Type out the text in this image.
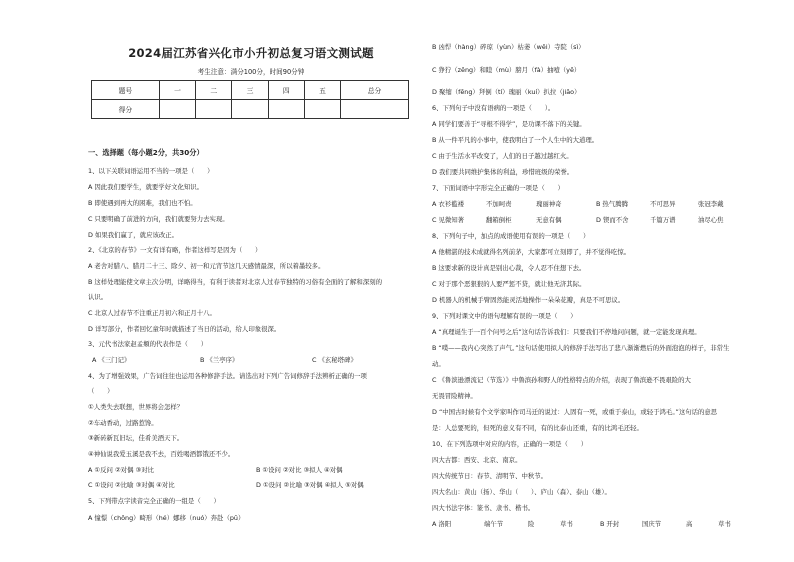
2024届江苏省兴化市小升初总复习语文测试题
考生注意：满分100分，时间90分钟
题号	一	二	三	四	五	总分
得分						
一、选择题（每小题2分，共30分）
1、以下关联词语运用不当的一项是（　　）
A 因此我们要学生，就要学好文化知识。
B 即使遇到再大的困难，我们也不怕。
C 只要明确了前进的方向，我们就要努力去实现。
D 如果我们赢了，就应该改正。
2、《北京的春节》一文有详有略，作者这样写是因为（　　）
A 老舍对腊八、腊月二十三、除夕、初一和元宵节这几天感情最深，所以着墨较多。
B 这样处理能使文章主次分明，详略得当，有利于读者对北京人过春节独特的习俗有全面的了解和深刻的
认识。
C 北京人过春节不注重正月初六和正月十八。
D 详写部分，作者回忆童年时就描述了当日的活动，给人印象很深。
3、元代书法家赵孟頫的代表作是（　　）
A 《三门记》	B 《兰亭序》	C 《玄秘塔碑》
4、为了增强效果，广告词往往也运用各种修辞手法。请选出对下列广告词修辞手法辨析正确的一项
（　　）
①人类失去联想，世界将会怎样？
②车动香动，过路惹馋。
③新砖新瓦旧坛，佳肴美酒天下。
④神仙说我爱玉溪是我不去，百姓喝酒都饿还不少。
A ①反问 ②对偶 ③对比	B ①设问 ②对比 ③拟人 ④对偶
C ①设问 ②比喻 ③对偶 ④对比	D ①设问 ②比喻 ③对偶 ④拟人 ⑤对偶
5、下列带点字读音完全正确的一组是（　　）
A 憧憬（chōng）畸形（hé）娜移（nuó）奔赴（pū）
B 凶悍（hàng）碎琼（yùn）枯萎（wěi）寺院（sì）
C 狰狞（zēng）和睦（mù）膀月（fà）抽噎（yē）
D 聚缩（fēng）拜倒（tí）瑰丽（kuí）扒拉（jiāo）
6、下列句子中没有语病的一项是（　　）。
A 同学们要善于“寻根不得学”，是功课不落下的关键。
B 从一件平凡的小事中，使我明白了一个人生中的大道理。
C 由于生活水平改变了，人们的日子越过越红火。
D 我们要共同维护集体的利益，珍惜班级的荣誉。
7、下面词语中字形完全正确的一项是（　　）
A 衣衫褴褛	不加呵责	瑰丽神奇	B 热气腾腾	不可思异	张冠李戴
C 见微知著	翻箱倒柜	无意有偶	D 锲而不舍	千篇万谱	油尽心焦
8、下列句子中，加点的成语使用有误的一项是（　　）
A 他精湛的技术成就得名列前茅，大家都可立刻即了，并不觉得吃惊。
B 这要求新的设计真是别出心裁，令人忍不住想下去。
C 对于那个恶狠狠的人要严惩不贷，就让他无济其际。
D 机器人的机械手臂固然能灵活地操作一朵朵花瓣，真是不可思议。
9、下列对课文中的语句理解有误的一项是（　　）
A “真理诞生于一百个问号之后”这句话告诉我们：只要我们不停地问问题，就一定能发现真理。
B “噗——我内心突然了声气。”这句话使用拟人的修辞手法写出了悲八渐渐燃后的外面泡泡的样子，非常生
动。
C 《鲁滨逊漂流记（节选）》中鲁滨孙和野人的性格特点的介绍，表现了鲁滨逊不畏艰险的大
无畏冒险精神。
D “中国古时候有个文学家叫作司马迁的说过：人固有一死，或重于泰山，或轻于鸿毛。”这句话的意思
是：人总要死的，但死的意义有不同，有的比泰山还重，有的比鸿毛还轻。
10、在下列选项中对应的内容，正确的一项是（　　）
四大古都：西安、北京、南京。
四大传统节日：春节、清明节、中秋节。
四大名山：黄山（扬）、华山（　　）、庐山（森）、泰山（雄）。
四大书法字体：篆书、隶书、楷书。
A 洛阳	端午节	险	草书	B 开封	国庆节	高	草书
